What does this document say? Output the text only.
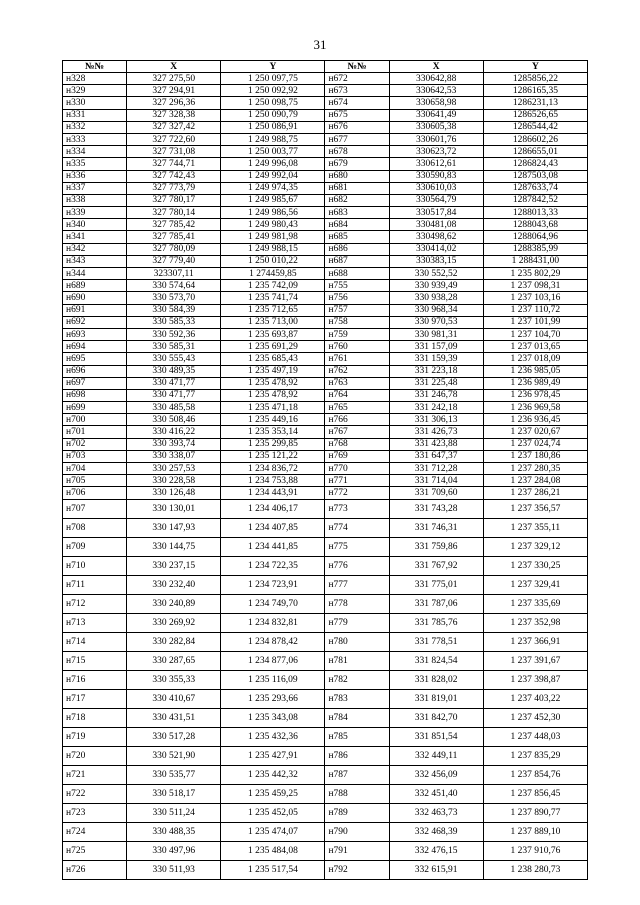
31
№№	X	Y	№№	X	Y
н328	327 275,50	1 250 097,75	н672	330642,88	1285856,22
н329	327 294,91	1 250 092,92	н673	330642,53	1286165,35
н330	327 296,36	1 250 098,75	н674	330658,98	1286231,13
н331	327 328,38	1 250 090,79	н675	330641,49	1286526,65
н332	327 327,42	1 250 086,91	н676	330605,38	1286544,42
н333	327 722,60	1 249 988,75	н677	330601,76	1286602,26
н334	327 731,08	1 250 003,77	н678	330623,72	1286655,01
н335	327 744,71	1 249 996,08	н679	330612,61	1286824,43
н336	327 742,43	1 249 992,04	н680	330590,83	1287503,08
н337	327 773,79	1 249 974,35	н681	330610,03	1287633,74
н338	327 780,17	1 249 985,67	н682	330564,79	1287842,52
н339	327 780,14	1 249 986,56	н683	330517,84	1288013,33
н340	327 785,42	1 249 980,43	н684	330481,08	1288043,68
н341	327 785,41	1 249 981,98	н685	330498,62	1288064,96
н342	327 780,09	1 249 988,15	н686	330414,02	1288385,99
н343	327 779,40	1 250 010,22	н687	330383,15	1 288431,00
н344	323307,11	1 274459,85	н688	330 552,52	1 235 802,29
н689	330 574,64	1 235 742,09	н755	330 939,49	1 237 098,31
н690	330 573,70	1 235 741,74	н756	330 938,28	1 237 103,16
н691	330 584,39	1 235 712,65	н757	330 968,34	1 237 110,72
н692	330 585,33	1 235 713,00	н758	330 970,53	1 237 101,99
н693	330 592,36	1 235 693,87	н759	330 981,31	1 237 104,70
н694	330 585,31	1 235 691,29	н760	331 157,09	1 237 013,65
н695	330 555,43	1 235 685,43	н761	331 159,39	1 237 018,09
н696	330 489,35	1 235 497,19	н762	331 223,18	1 236 985,05
н697	330 471,77	1 235 478,92	н763	331 225,48	1 236 989,49
н698	330 471,77	1 235 478,92	н764	331 246,78	1 236 978,45
н699	330 485,58	1 235 471,18	н765	331 242,18	1 236 969,58
н700	330 508,46	1 235 449,16	н766	331 306,13	1 236 936,45
н701	330 416,22	1 235 353,14	н767	331 426,73	1 237 020,67
н702	330 393,74	1 235 299,85	н768	331 423,88	1 237 024,74
н703	330 338,07	1 235 121,22	н769	331 647,37	1 237 180,86
н704	330 257,53	1 234 836,72	н770	331 712,28	1 237 280,35
н705	330 228,58	1 234 753,88	н771	331 714,04	1 237 284,08
н706	330 126,48	1 234 443,91	н772	331 709,60	1 237 286,21
н707	330 130,01	1 234 406,17	н773	331 743,28	1 237 356,57
н708	330 147,93	1 234 407,85	н774	331 746,31	1 237 355,11
н709	330 144,75	1 234 441,85	н775	331 759,86	1 237 329,12
н710	330 237,15	1 234 722,35	н776	331 767,92	1 237 330,25
н711	330 232,40	1 234 723,91	н777	331 775,01	1 237 329,41
н712	330 240,89	1 234 749,70	н778	331 787,06	1 237 335,69
н713	330 269,92	1 234 832,81	н779	331 785,76	1 237 352,98
н714	330 282,84	1 234 878,42	н780	331 778,51	1 237 366,91
н715	330 287,65	1 234 877,06	н781	331 824,54	1 237 391,67
н716	330 355,33	1 235 116,09	н782	331 828,02	1 237 398,87
н717	330 410,67	1 235 293,66	н783	331 819,01	1 237 403,22
н718	330 431,51	1 235 343,08	н784	331 842,70	1 237 452,30
н719	330 517,28	1 235 432,36	н785	331 851,54	1 237 448,03
н720	330 521,90	1 235 427,91	н786	332 449,11	1 237 835,29
н721	330 535,77	1 235 442,32	н787	332 456,09	1 237 854,76
н722	330 518,17	1 235 459,25	н788	332 451,40	1 237 856,45
н723	330 511,24	1 235 452,05	н789	332 463,73	1 237 890,77
н724	330 488,35	1 235 474,07	н790	332 468,39	1 237 889,10
н725	330 497,96	1 235 484,08	н791	332 476,15	1 237 910,76
н726	330 511,93	1 235 517,54	н792	332 615,91	1 238 280,73
